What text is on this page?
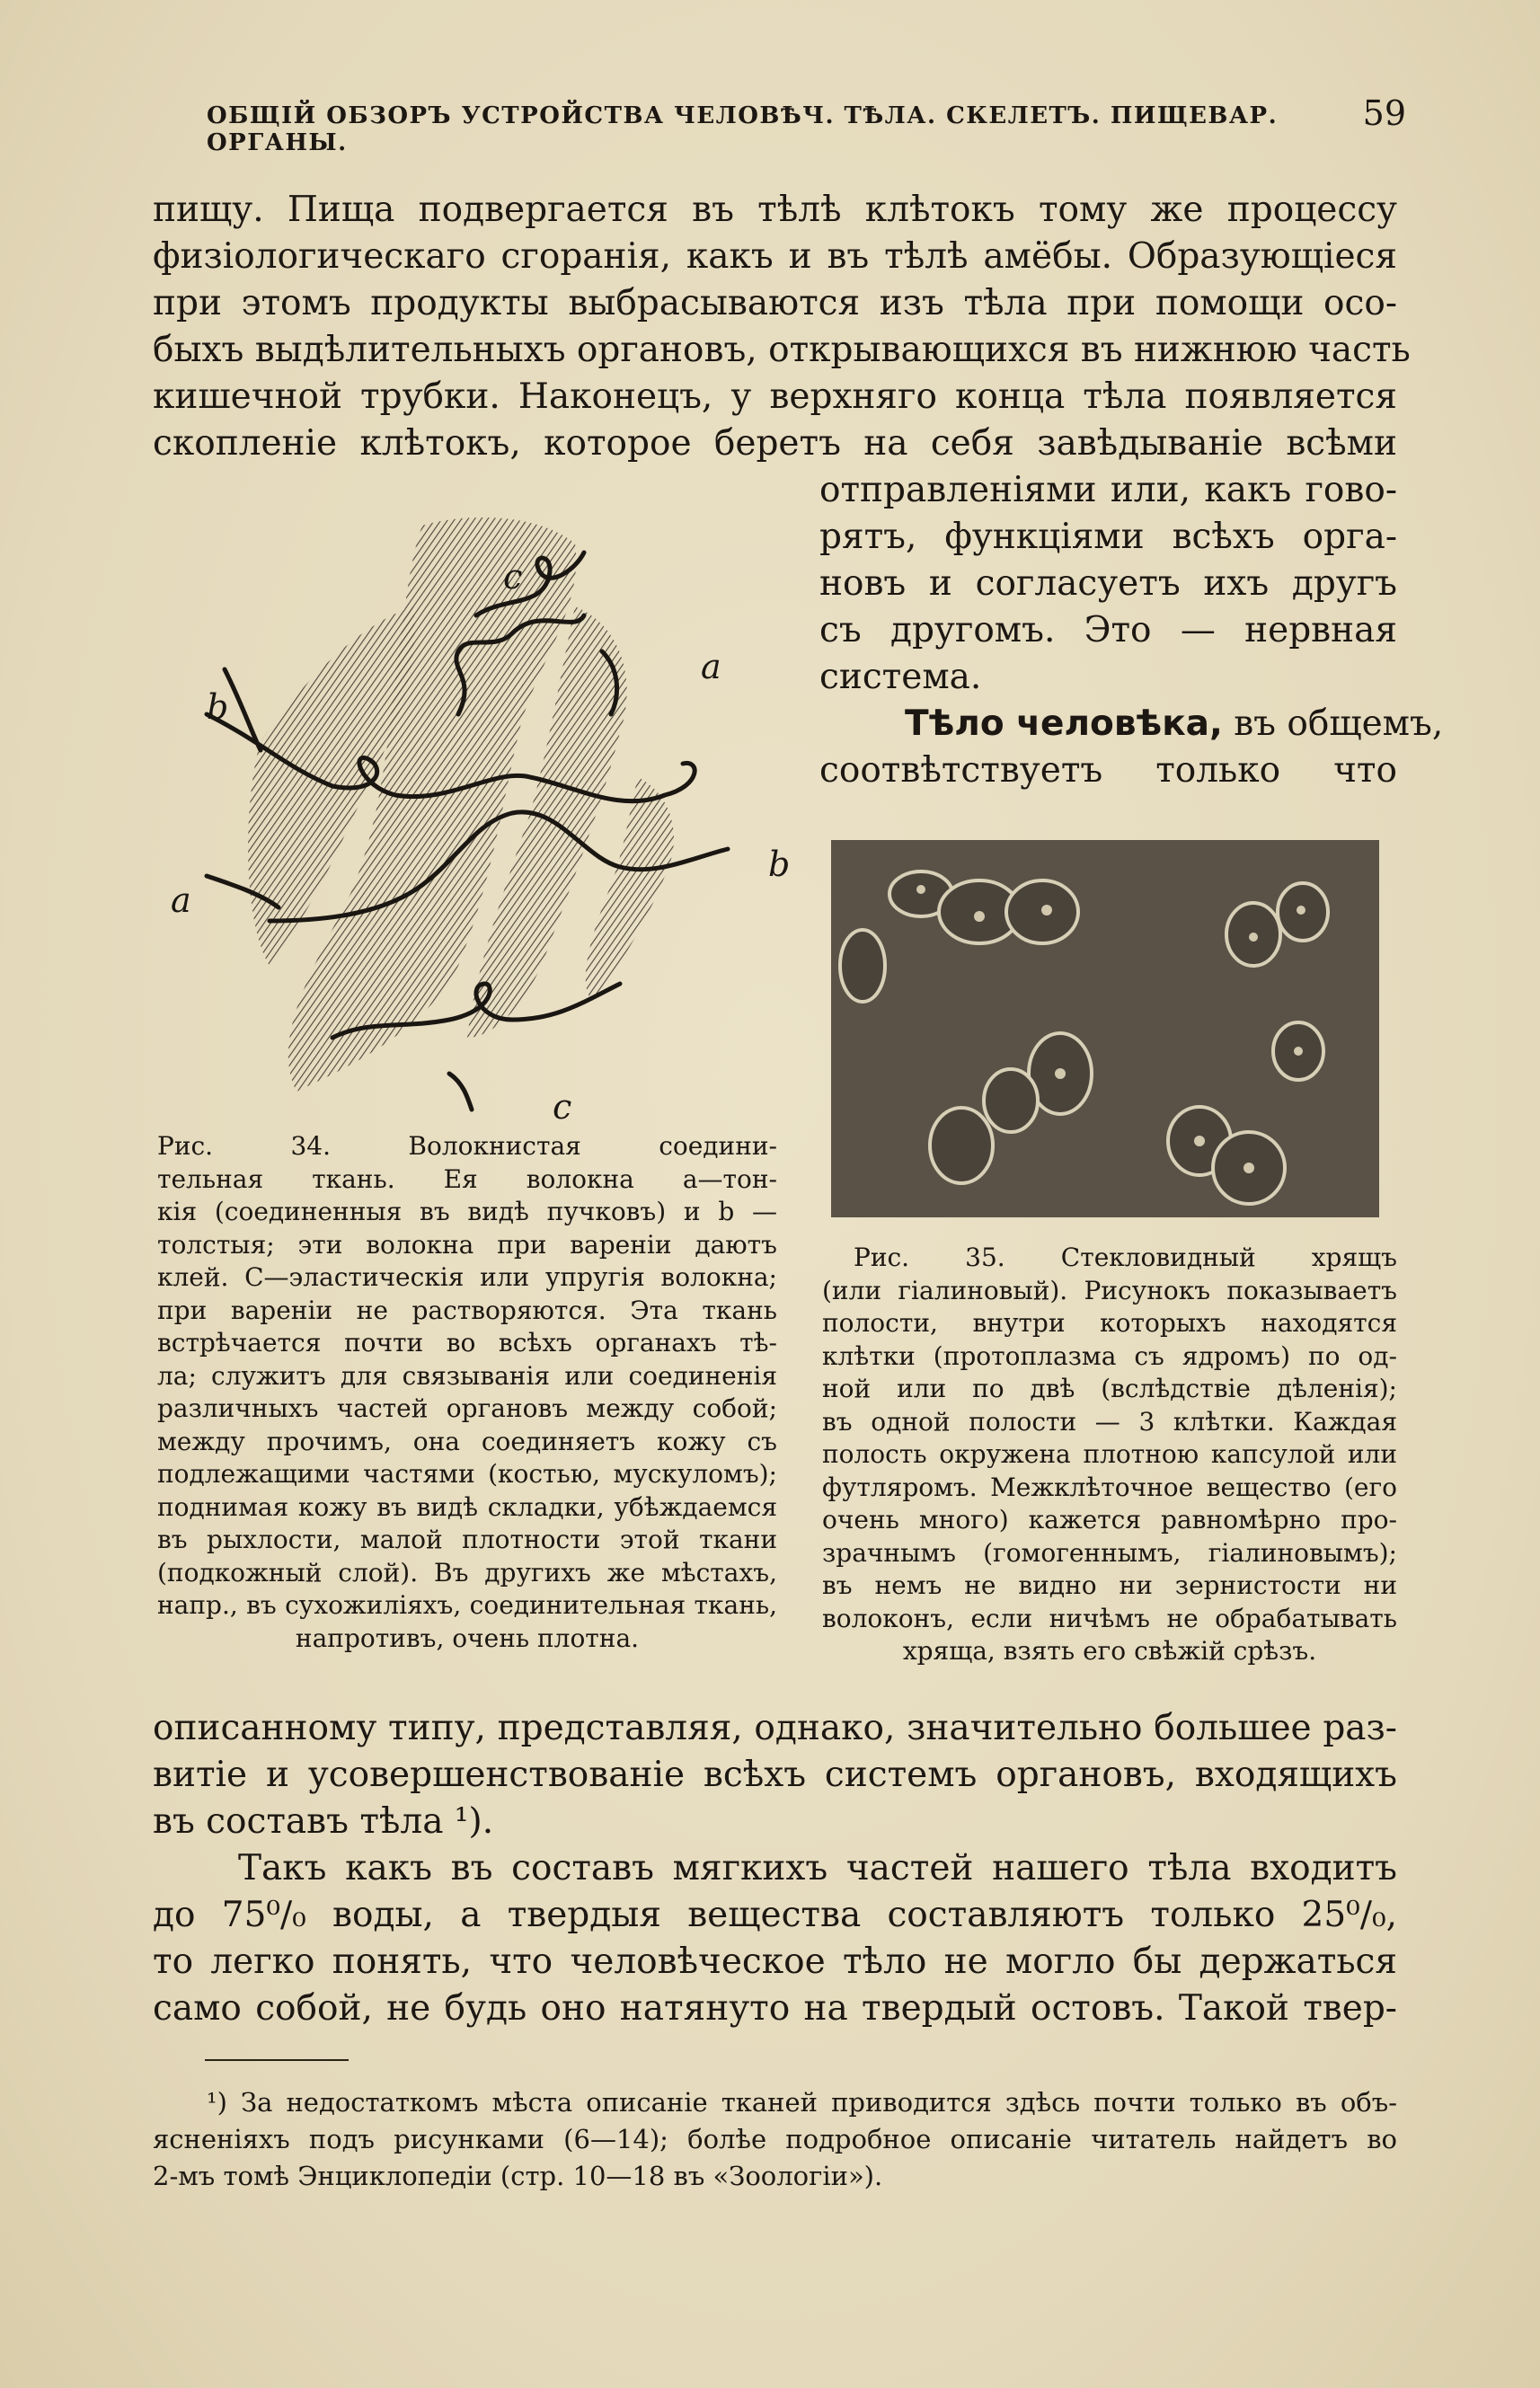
ОБЩІЙ ОБЗОРЪ УСТРОЙСТВА ЧЕЛОВѢЧ. ТѢЛА. СКЕЛЕТЪ. ПИЩЕВАР. ОРГАНЫ.
59
пищу. Пища подвергается въ тѣлѣ клѣтокъ тому же процессу
физіологическаго сгоранія, какъ и въ тѣлѣ амёбы. Образующіеся
при этомъ продукты выбрасываются изъ тѣла при помощи осо-
быхъ выдѣлительныхъ органовъ, открывающихся въ нижнюю часть
кишечной трубки. Наконецъ, у верхняго конца тѣла появляется
скопленіе клѣтокъ, которое беретъ на себя завѣдываніе всѣми
отправленіями или, какъ гово-
рятъ, функціями всѣхъ орга-
новъ и согласуетъ ихъ другъ
съ другомъ. Это — нервная
система.
Тѣло человѣка, въ общемъ,
соотвѣтствуетъ только что
c
b
a
a
b
c
Рис. 34. Волокнистая соедини-
тельная ткань. Ея волокна а—тон-
кія (соединенныя въ видѣ пучковъ) и b —
толстыя; эти волокна при вареніи даютъ
клей. С—эластическія или упругія волокна;
при вареніи не растворяются. Эта ткань
встрѣчается почти во всѣхъ органахъ тѣ-
ла; служитъ для связыванія или соединенія
различныхъ частей органовъ между собой;
между прочимъ, она соединяетъ кожу съ
подлежащими частями (костью, мускуломъ);
поднимая кожу въ видѣ складки, убѣждаемся
въ рыхлости, малой плотности этой ткани
(подкожный слой). Въ другихъ же мѣстахъ,
напр., въ сухожиліяхъ, соединительная ткань,
напротивъ, очень плотна.
Рис. 35. Стекловидный хрящъ
(или гіалиновый). Рисунокъ показываетъ
полости, внутри которыхъ находятся
клѣтки (протоплазма съ ядромъ) по од-
ной или по двѣ (вслѣдствіе дѣленія);
въ одной полости — 3 клѣтки. Каждая
полость окружена плотною капсулой или
футляромъ. Межклѣточное вещество (его
очень много) кажется равномѣрно про-
зрачнымъ (гомогеннымъ, гіалиновымъ);
въ немъ не видно ни зернистости ни
волоконъ, если ничѣмъ не обрабатывать
хряща, взять его свѣжій срѣзъ.
описанному типу, представляя, однако, значительно большее раз-
витіе и усовершенствованіе всѣхъ системъ органовъ, входящихъ
въ составъ тѣла ¹).
Такъ какъ въ составъ мягкихъ частей нашего тѣла входитъ
до 75⁰/₀ воды, а твердыя вещества составляютъ только 25⁰/₀,
то легко понять, что человѣческое тѣло не могло бы держаться
само собой, не будь оно натянуто на твердый остовъ. Такой твер-
¹) За недостаткомъ мѣста описаніе тканей приводится здѣсь почти только въ объ-
ясненіяхъ подъ рисунками (6—14); болѣе подробное описаніе читатель найдетъ во
2-мъ томѣ Энциклопедіи (стр. 10—18 въ «Зоологіи»).
